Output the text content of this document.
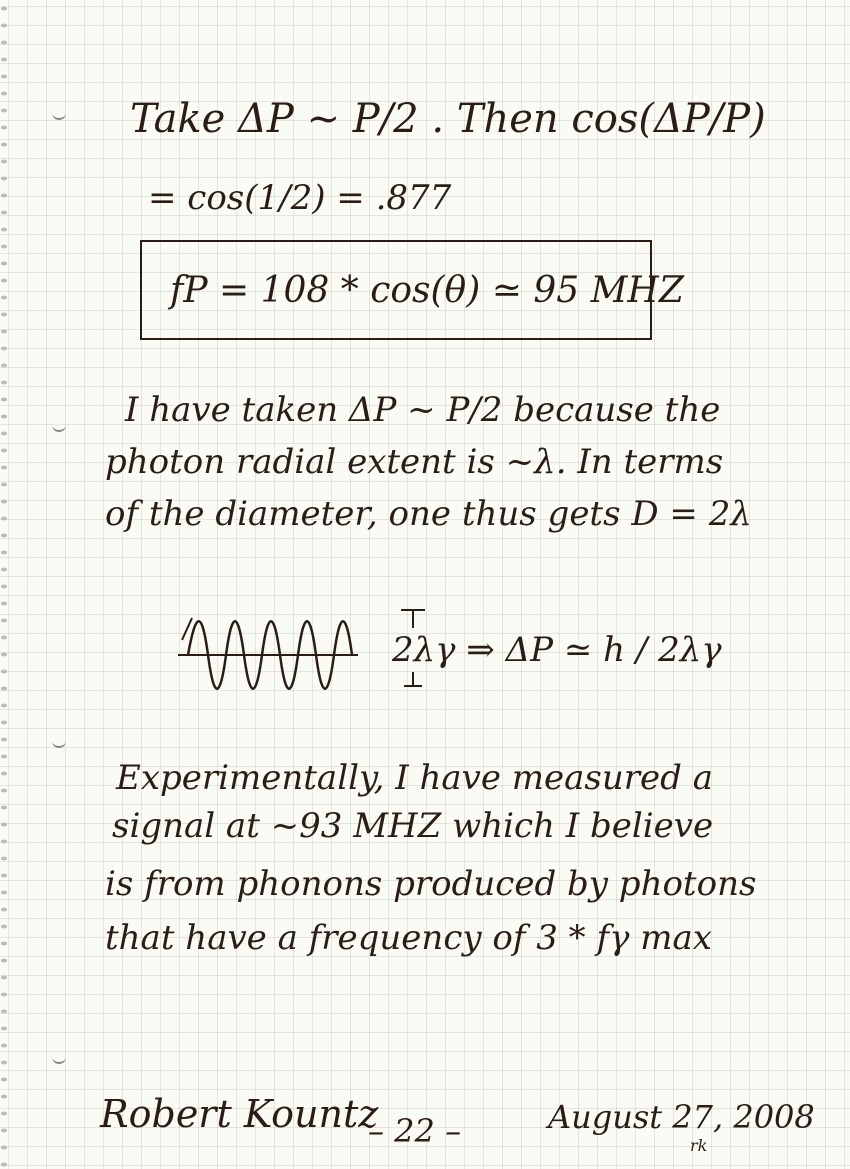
Take ΔP ~ P/2 . Then cos(ΔP/P)
= cos(1/2) = .877
fP = 108 * cos(θ) ≃ 95 MHZ
I have taken ΔP ~ P/2 because the
photon radial extent is ~λ. In terms
of the diameter, one thus gets D = 2λ
2λγ ⇒ ΔP ≃ h / 2λγ
Experimentally, I have measured a
signal at ~93 MHZ which I believe
is from phonons produced by photons
that have a frequency of 3 * fγ max
Robert Kountz
– 22 –	August 27, 2008
rk
